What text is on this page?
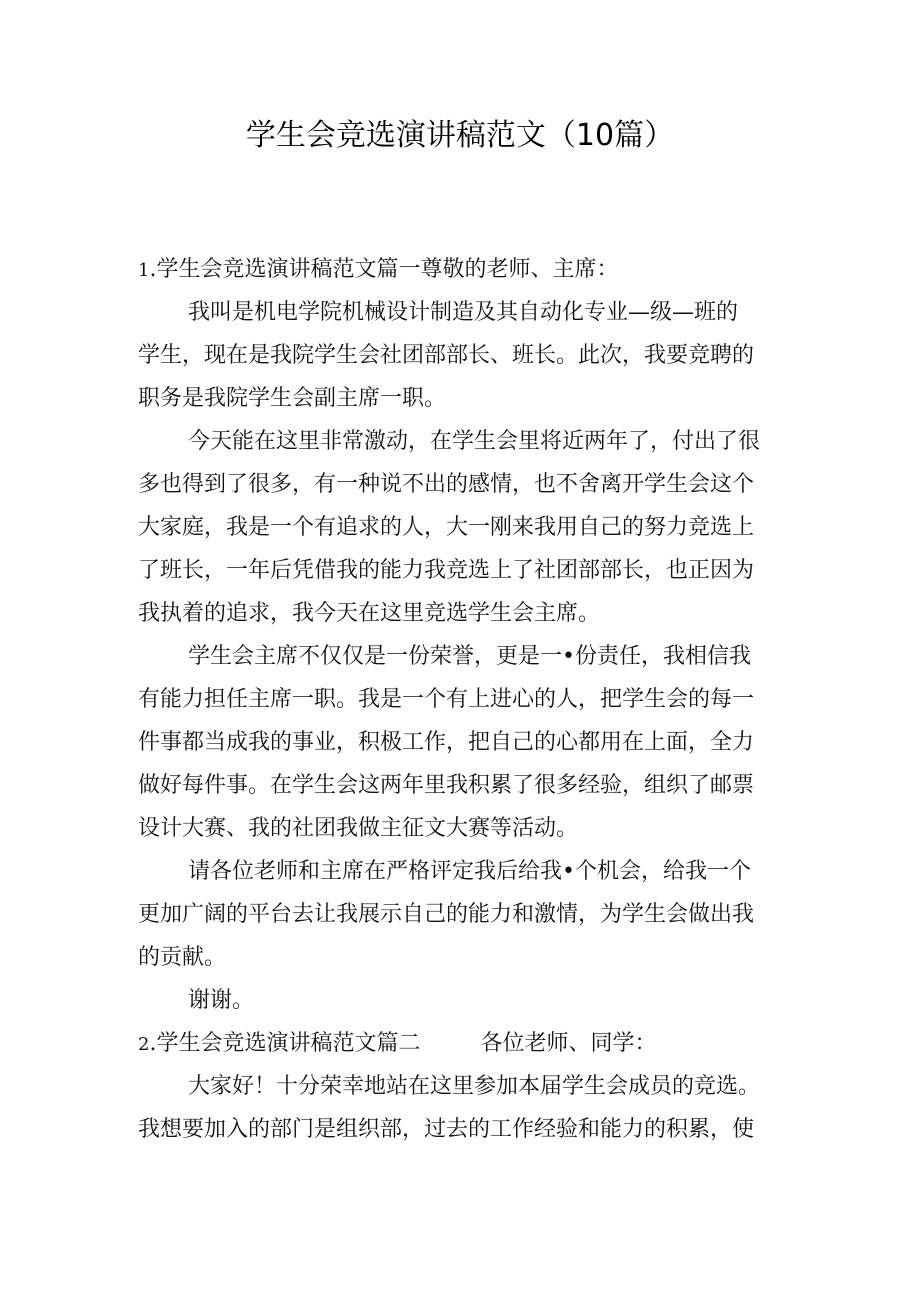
学生会竞选演讲稿范文（10篇）
1.学生会竞选演讲稿范文篇一尊敬的老师、主席：
我叫是机电学院机械设计制造及其自动化专业—级—班的
学生，现在是我院学生会社团部部长、班长。此次，我要竞聘的
职务是我院学生会副主席一职。
今天能在这里非常激动，在学生会里将近两年了，付出了很
多也得到了很多，有一种说不出的感情，也不舍离开学生会这个
大家庭，我是一个有追求的人，大一刚来我用自己的努力竞选上
了班长，一年后凭借我的能力我竞选上了社团部部长，也正因为
我执着的追求，我今天在这里竞选学生会主席。
学生会主席不仅仅是一份荣誉，更是一•份责任，我相信我
有能力担任主席一职。我是一个有上进心的人，把学生会的每一
件事都当成我的事业，积极工作，把自己的心都用在上面，全力
做好每件事。在学生会这两年里我积累了很多经验，组织了邮票
设计大赛、我的社团我做主征文大赛等活动。
请各位老师和主席在严格评定我后给我•个机会，给我一个
更加广阔的平台去让我展示自己的能力和激情，为学生会做出我
的贡献。
谢谢。
2.学生会竞选演讲稿范文篇二	各位老师、同学：
大家好！十分荣幸地站在这里参加本届学生会成员的竞选。
我想要加入的部门是组织部，过去的工作经验和能力的积累，使
